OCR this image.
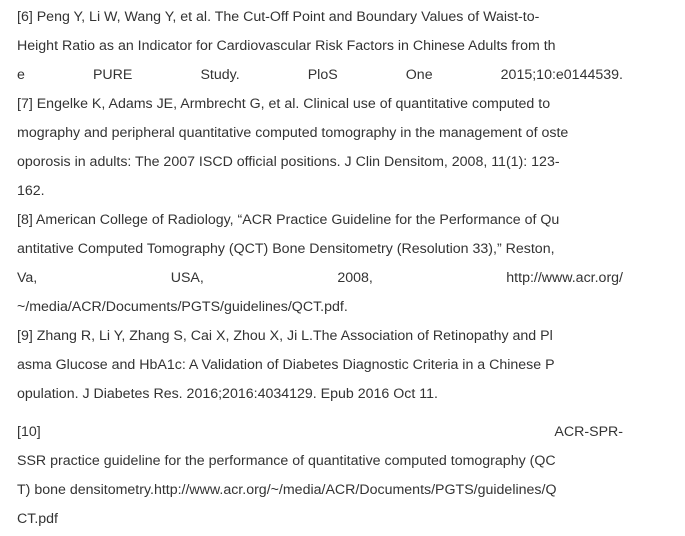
[6] Peng Y, Li W, Wang Y, et al. The Cut-Off Point and Boundary Values of Waist-to-
Height Ratio as an Indicator for Cardiovascular Risk Factors in Chinese Adults from th
e	PURE	Study.	PloS	One	2015;10:e0144539.
[7] Engelke K, Adams JE, Armbrecht G, et al. Clinical use of quantitative computed to
mography and peripheral quantitative computed tomography in the management of oste
oporosis in adults: The 2007 ISCD official positions. J Clin Densitom, 2008, 11(1): 123-
162.
[8] American College of Radiology, “ACR Practice Guideline for the Performance of Qu
antitative Computed Tomography (QCT) Bone Densitometry (Resolution 33),” Reston,
Va,	USA,	2008,	http://www.acr.org/
~/media/ACR/Documents/PGTS/guidelines/QCT.pdf.
[9] Zhang R, Li Y, Zhang S, Cai X, Zhou X, Ji L.The Association of Retinopathy and Pl
asma Glucose and HbA1c: A Validation of Diabetes Diagnostic Criteria in a Chinese P
opulation. J Diabetes Res. 2016;2016:4034129. Epub 2016 Oct 11.
[10]	ACR-SPR-
SSR practice guideline for the performance of quantitative computed tomography (QC
T) bone densitometry.http://www.acr.org/~/media/ACR/Documents/PGTS/guidelines/Q
CT.pdf
